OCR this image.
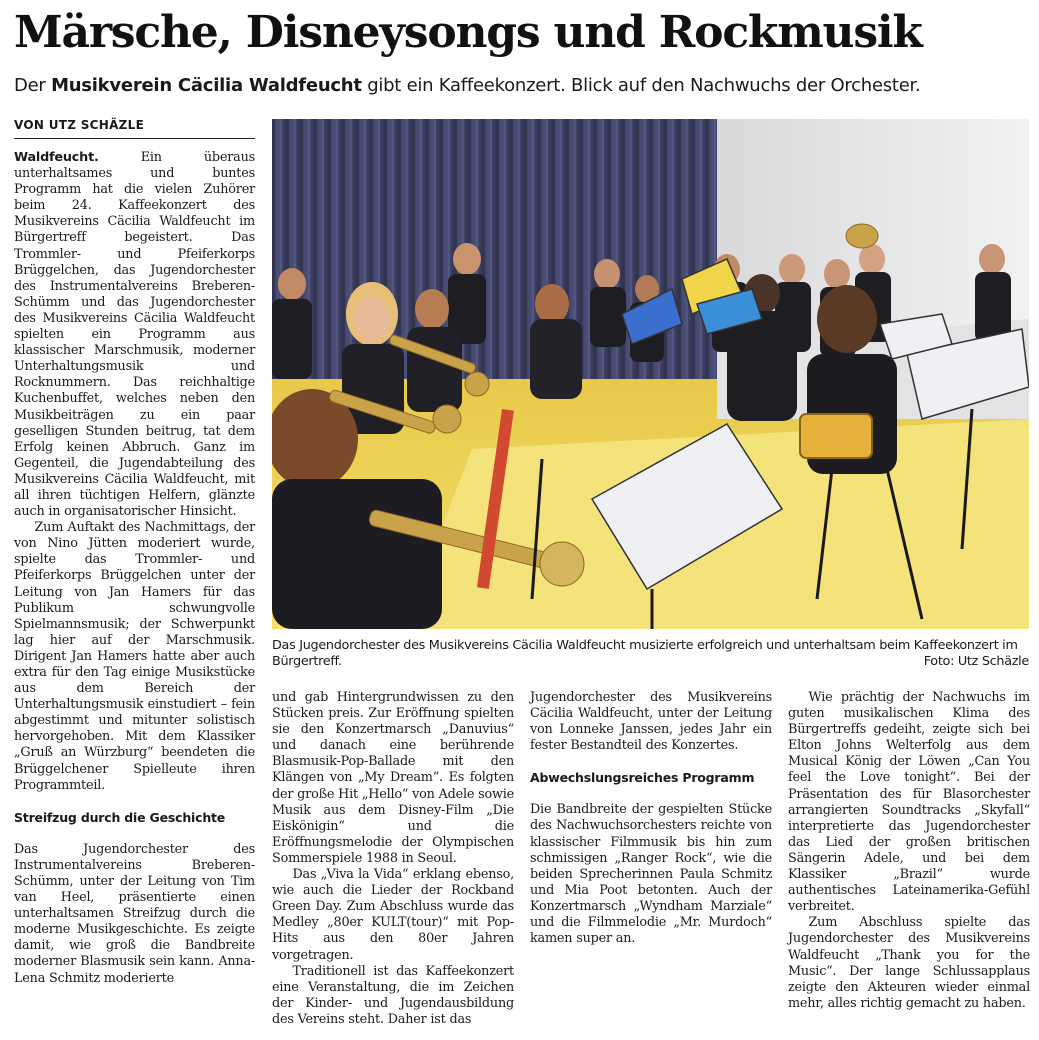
Märsche, Disneysongs und Rockmusik
Der Musikverein Cäcilia Waldfeucht gibt ein Kaffeekonzert. Blick auf den Nachwuchs der Orchester.
VON UTZ SCHÄZLE

Waldfeucht. Ein überaus unterhaltsames und buntes Programm hat die vielen Zuhörer beim 24. Kaffeekonzert des Musikvereins Cäcilia Waldfeucht im Bürgertreff begeistert. Das Trommler- und Pfeiferkorps Brüggelchen, das Jugendorchester des Instrumentalvereins Breberen-Schümm und das Jugendorchester des Musikvereins Cäcilia Waldfeucht spielten ein Programm aus klassischer Marschmusik, moderner Unterhaltungsmusik und Rocknummern. Das reichhaltige Kuchenbuffet, welches neben den Musikbeiträgen zu ein paar geselligen Stunden beitrug, tat dem Erfolg keinen Abbruch. Ganz im Gegenteil, die Jugendabteilung des Musikvereins Cäcilia Waldfeucht, mit all ihren tüchtigen Helfern, glänzte auch in organisatorischer Hinsicht.

Zum Auftakt des Nachmittags, der von Nino Jütten moderiert wurde, spielte das Trommler- und Pfeiferkorps Brüggelchen unter der Leitung von Jan Hamers für das Publikum schwungvolle Spielmannsmusik; der Schwerpunkt lag hier auf der Marschmusik. Dirigent Jan Hamers hatte aber auch extra für den Tag einige Musikstücke aus dem Bereich der Unterhaltungsmusik einstudiert – fein abgestimmt und mitunter solistisch hervorgehoben. Mit dem Klassiker „Gruß an Würzburg“ beendeten die Brüggelchener Spielleute ihren Programmteil.

Streifzug durch die Geschichte

Das Jugendorchester des Instrumentalvereins Breberen-Schümm, unter der Leitung von Tim van Heel, präsentierte einen unterhaltsamen Streifzug durch die moderne Musikgeschichte. Es zeigte damit, wie groß die Bandbreite moderner Blasmusik sein kann. Anna-Lena Schmitz moderierte

Das Jugendorchester des Musikvereins Cäcilia Waldfeucht musizierte erfolgreich und unterhaltsam beim Kaffeekonzert im Bürgertreff.	Foto: Utz Schäzle

und gab Hintergrundwissen zu den Stücken preis. Zur Eröffnung spielten sie den Konzertmarsch „Danuvius“ und danach eine berührende Blasmusik-Pop-Ballade mit den Klängen von „My Dream“. Es folgten der große Hit „Hello“ von Adele sowie Musik aus dem Disney-Film „Die Eiskönigin“ und die Eröffnungsmelodie der Olympischen Sommerspiele 1988 in Seoul.

Das „Viva la Vida“ erklang ebenso, wie auch die Lieder der Rockband Green Day. Zum Abschluss wurde das Medley „80er KULT(tour)“ mit Pop-Hits aus den 80er Jahren vorgetragen.

Traditionell ist das Kaffeekonzert eine Veranstaltung, die im Zeichen der Kinder- und Jugendausbildung des Vereins steht. Daher ist das

Jugendorchester des Musikvereins Cäcilia Waldfeucht, unter der Leitung von Lonneke Janssen, jedes Jahr ein fester Bestandteil des Konzertes.

Abwechslungsreiches Programm

Die Bandbreite der gespielten Stücke des Nachwuchsorchesters reichte von klassischer Filmmusik bis hin zum schmissigen „Ranger Rock“, wie die beiden Sprecherinnen Paula Schmitz und Mia Poot betonten. Auch der Konzertmarsch „Wyndham Marziale“ und die Filmmelodie „Mr. Murdoch“ kamen super an.

Wie prächtig der Nachwuchs im guten musikalischen Klima des Bürgertreffs gedeiht, zeigte sich bei Elton Johns Welterfolg aus dem Musical König der Löwen „Can You feel the Love tonight“. Bei der Präsentation des für Blasorchester arrangierten Soundtracks „Skyfall“ interpretierte das Jugendorchester das Lied der großen britischen Sängerin Adele, und bei dem Klassiker „Brazil“ wurde authentisches Lateinamerika-Gefühl verbreitet.

Zum Abschluss spielte das Jugendorchester des Musikvereins Waldfeucht „Thank you for the Music“. Der lange Schlussapplaus zeigte den Akteuren wieder einmal mehr, alles richtig gemacht zu haben.
